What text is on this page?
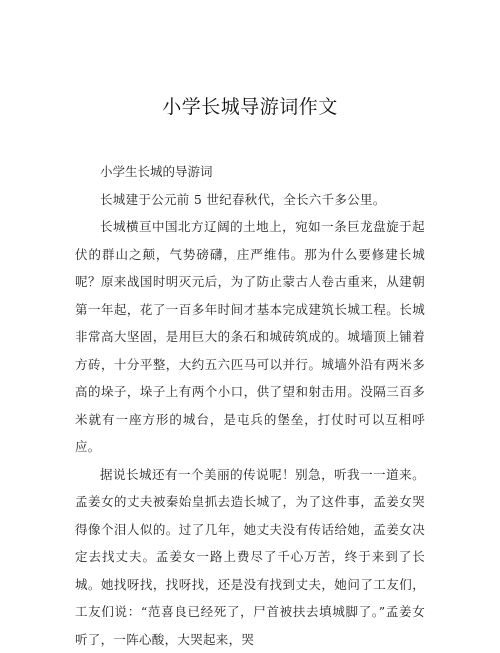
小学长城导游词作文

小学生长城的导游词

长城建于公元前 5 世纪春秋代，全长六千多公里。

长城横亘中国北方辽阔的土地上，宛如一条巨龙盘旋于起伏的群山之颠，气势磅礴，庄严维伟。那为什么要修建长城呢？原来战国时明灭元后，为了防止蒙古人卷古重来，从建朝第一年起，花了一百多年时间才基本完成建筑长城工程。长城非常高大坚固，是用巨大的条石和城砖筑成的。城墙顶上铺着方砖，十分平整，大约五六匹马可以并行。城墙外沿有两米多高的垛子，垛子上有两个小口，供了望和射击用。没隔三百多米就有一座方形的城台，是屯兵的堡垒，打仗时可以互相呼应。

据说长城还有一个美丽的传说呢！别急，听我一一道来。孟姜女的丈夫被秦始皇抓去造长城了，为了这件事，孟姜女哭得像个泪人似的。过了几年，她丈夫没有传话给她，孟姜女决定去找丈夫。孟姜女一路上费尽了千心万苦，终于来到了长城。她找呀找，找呀找，还是没有找到丈夫，她问了工友们，工友们说：“范喜良已经死了，尸首被扶去填城脚了。”孟姜女听了，一阵心酸，大哭起来，哭
